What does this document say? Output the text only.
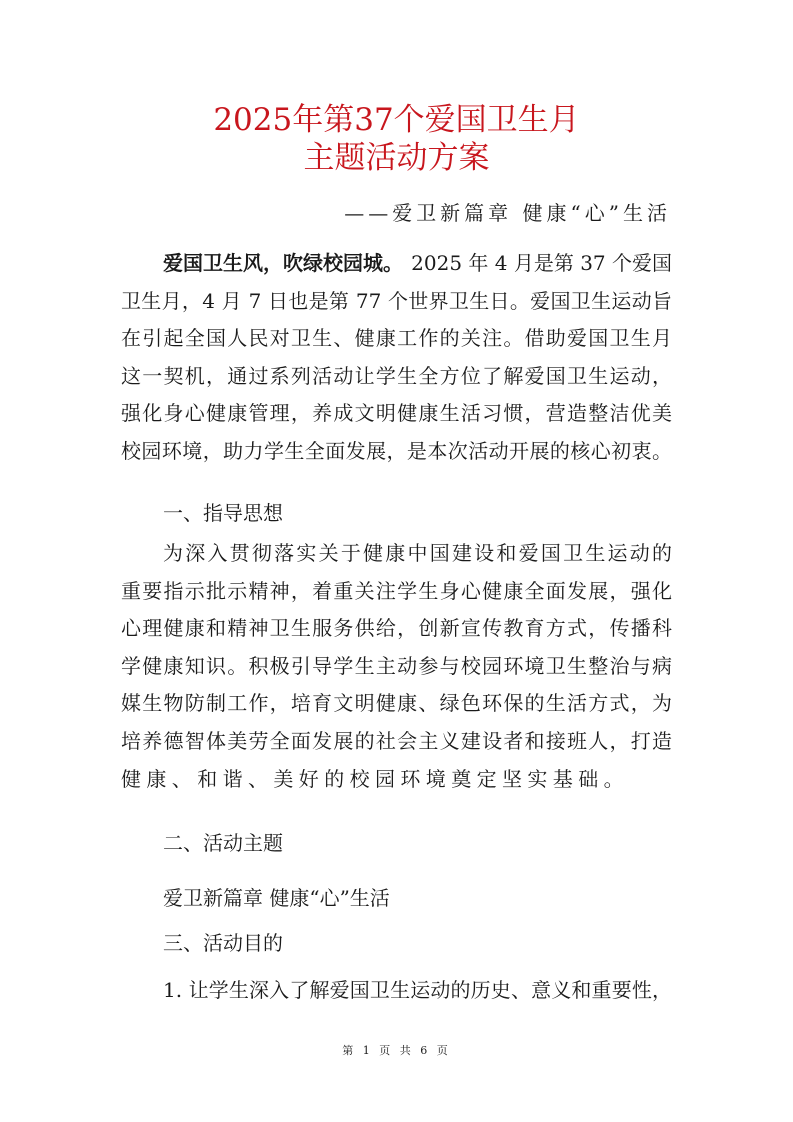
2025年第37个爱国卫生月
主题活动方案
——爱卫新篇章 健康“心”生活
爱国卫生风，吹绿校园城。 2025 年 4 月是第 37 个爱国
卫生月，4 月 7 日也是第 77 个世界卫生日。爱国卫生运动旨
在引起全国人民对卫生、健康工作的关注。借助爱国卫生月
这一契机，通过系列活动让学生全方位了解爱国卫生运动，
强化身心健康管理，养成文明健康生活习惯，营造整洁优美
校园环境，助力学生全面发展，是本次活动开展的核心初衷。
一、指导思想
为深入贯彻落实关于健康中国建设和爱国卫生运动的
重要指示批示精神，着重关注学生身心健康全面发展，强化
心理健康和精神卫生服务供给，创新宣传教育方式，传播科
学健康知识。积极引导学生主动参与校园环境卫生整治与病
媒生物防制工作，培育文明健康、绿色环保的生活方式，为
培养德智体美劳全面发展的社会主义建设者和接班人，打造
健康、和谐、美好的校园环境奠定坚实基础。
二、活动主题
爱卫新篇章 健康“心”生活
三、活动目的
1. 让学生深入了解爱国卫生运动的历史、意义和重要性，
第 1 页 共 6 页
